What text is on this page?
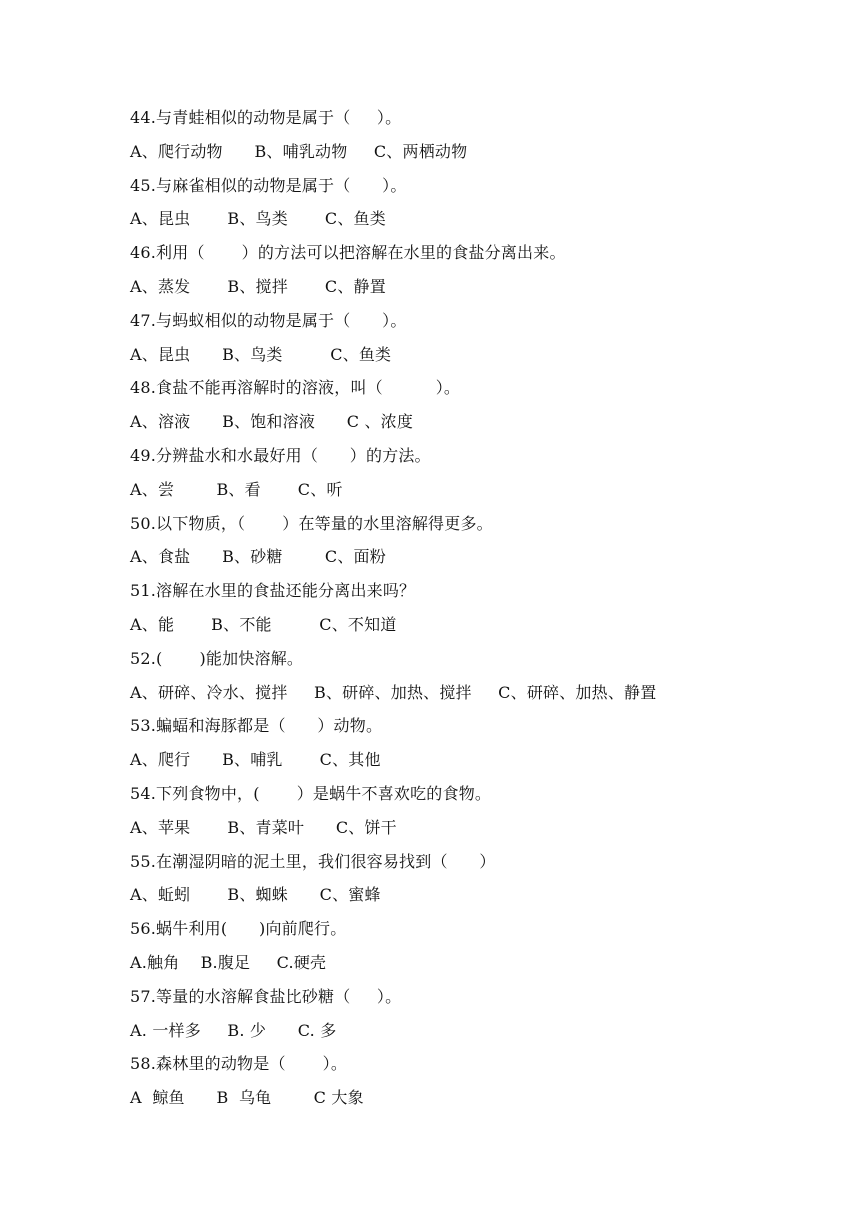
44.与青蛙相似的动物是属于（     ）。
A、爬行动物      B、哺乳动物     C、两栖动物
45.与麻雀相似的动物是属于（      ）。
A、昆虫       B、鸟类       C、鱼类
46.利用（       ）的方法可以把溶解在水里的食盐分离出来。
A、蒸发       B、搅拌       C、静置
47.与蚂蚁相似的动物是属于（      ）。
A、昆虫      B、鸟类         C、鱼类
48.食盐不能再溶解时的溶液，叫（          ）。
A、溶液      B、饱和溶液      C 、浓度
49.分辨盐水和水最好用（      ）的方法。
A、尝        B、看       C、听
50.以下物质，（       ）在等量的水里溶解得更多。
A、食盐      B、砂糖        C、面粉
51.溶解在水里的食盐还能分离出来吗？
A、能       B、不能         C、不知道
52.(       )能加快溶解。
A、研碎、冷水、搅拌     B、研碎、加热、搅拌     C、研碎、加热、静置
53.蝙蝠和海豚都是（      ）动物。
A、爬行      B、哺乳       C、其他
54.下列食物中，(       ）是蜗牛不喜欢吃的食物。
A、苹果       B、青菜叶      C、饼干
55.在潮湿阴暗的泥土里，我们很容易找到（      ）
A、蚯蚓       B、蜘蛛      C、蜜蜂
56.蜗牛利用(      )向前爬行。
A.触角    B.腹足     C.硬壳
57.等量的水溶解食盐比砂糖（     ）。
A. 一样多     B. 少      C. 多
58.森林里的动物是（       ）。
A  鲸鱼      B  乌龟        C 大象
